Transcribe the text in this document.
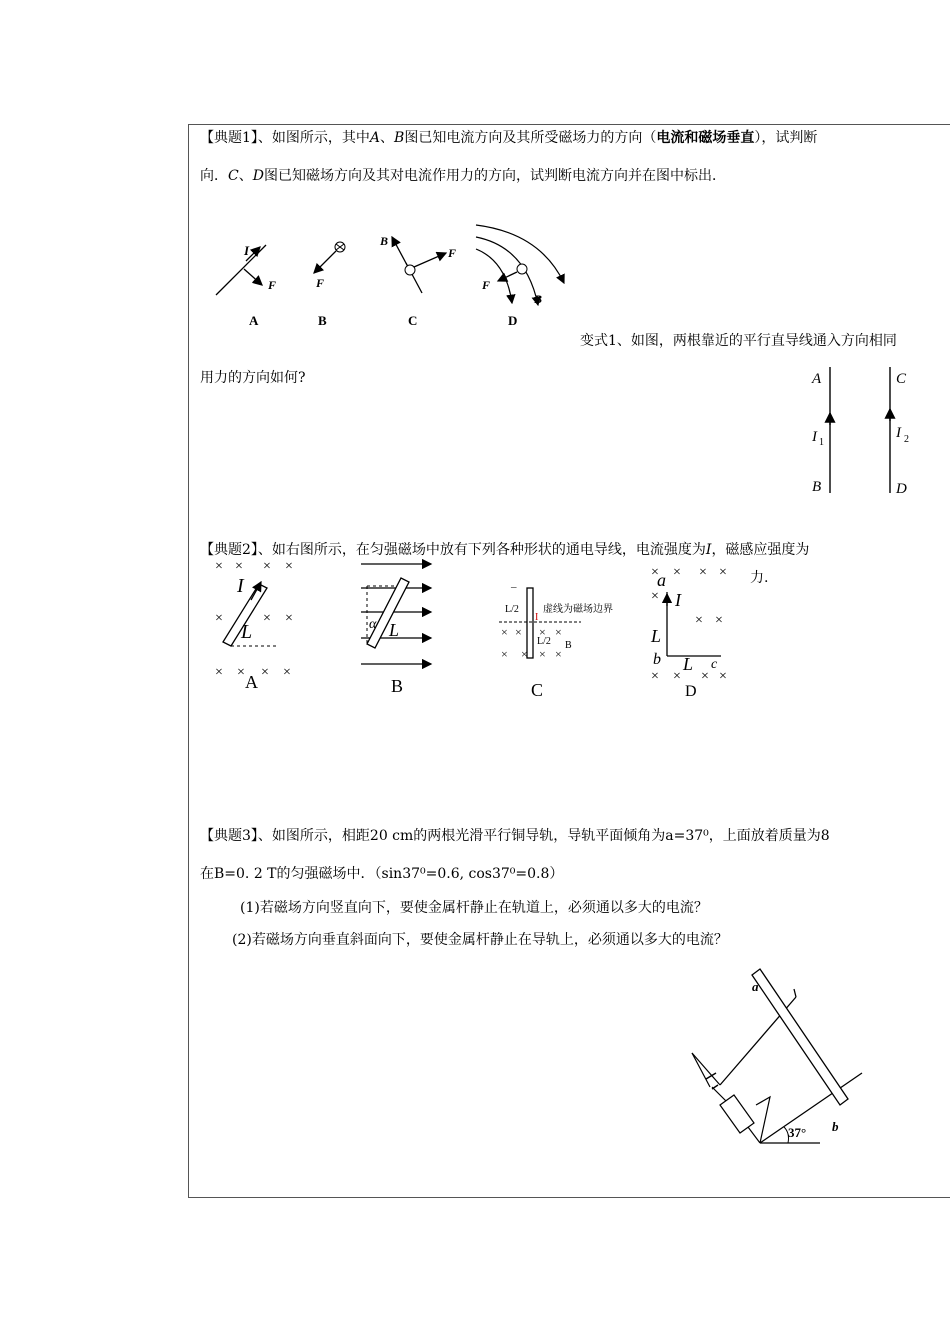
【典题1】、如图所示，其中A、B图已知电流方向及其所受磁场力的方向（电流和磁场垂直），试判断
向．C、D图已知磁场方向及其对电流作用力的方向，试判断电流方向并在图中标出．
I
F
A
F
B
B
F
C
F
B
D
变式1、如图，两根靠近的平行直导线通入方向相同
用力的方向如何?	A
B
C
D
I 1
I 2
【典题2】、如右图所示，在匀强磁场中放有下列各种形状的通电导线，电流强度为I，磁感应强度为
力.
× × × ×
×	× ×
× × × ×
I
L
A
α L
B
–
L/2
I
虚线为磁场边界
L/2 B
× × × ×
× × × ×
C
× × × ×
×
× ×
× × × ×
a
I
L
b L c
D
【典题3】、如图所示，相距20 cm的两根光滑平行铜导轨，导轨平面倾角为a=37⁰，上面放着质量为8
在B=0. 2 T的匀强磁场中．（sin37⁰=0.6, cos37⁰=0.8）
(1)若磁场方向竖直向下，要使金属杆静止在轨道上，必须通以多大的电流？
(2)若磁场方向垂直斜面向下，要使金属杆静止在导轨上，必须通以多大的电流？
a
b
37°
